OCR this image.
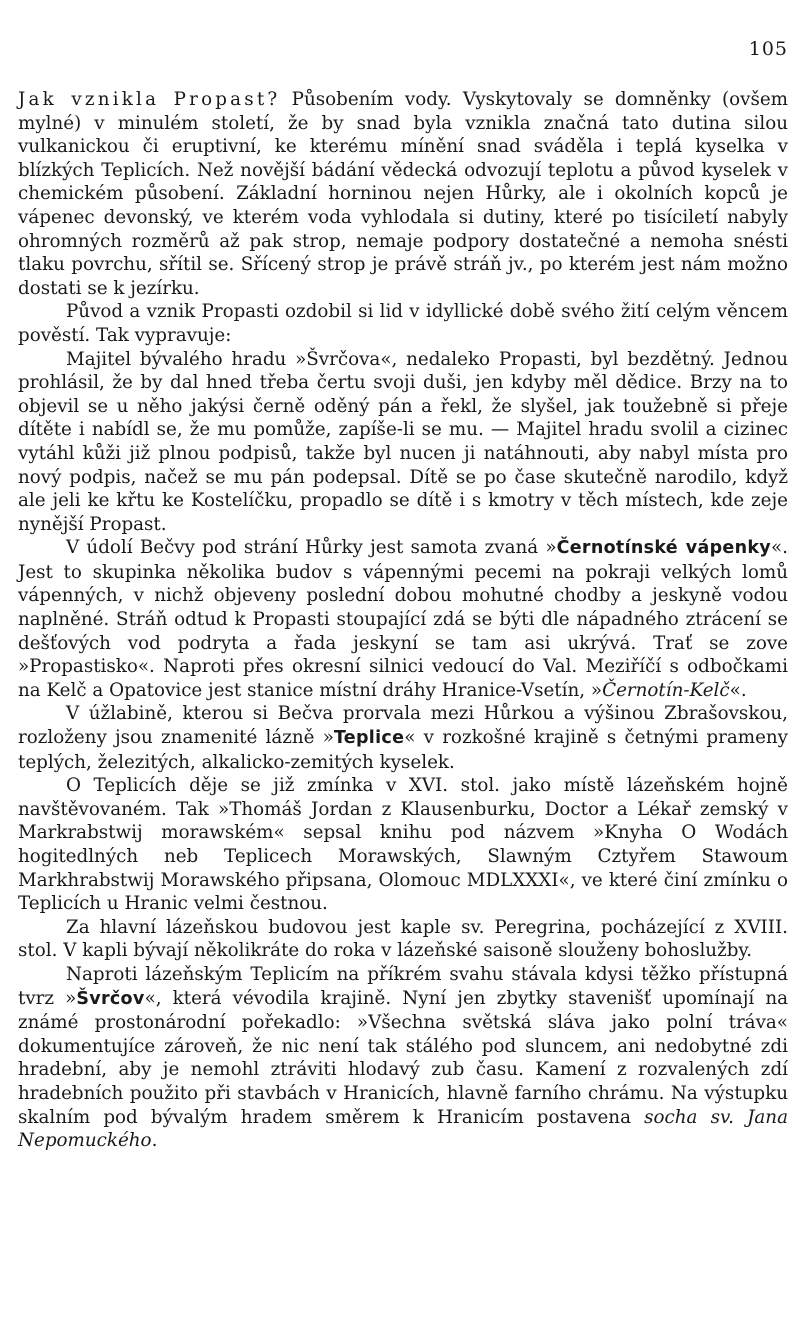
105

Jak vznikla Propast? Působením vody. Vyskytovaly se domněnky (ovšem mylné) v minulém století, že by snad byla vznikla značná tato dutina silou vulkanickou či eruptivní, ke kterému mínění snad sváděla i teplá kyselka v blízkých Teplicích. Než novější bádání vědecká odvozují teplotu a původ kyselek v chemickém působení. Základní horninou nejen Hůrky, ale i okolních kopců je vápenec devonský, ve kterém voda vyhlodala si dutiny, které po tisíciletí nabyly ohromných rozměrů až pak strop, nemaje podpory dostatečné a nemoha snésti tlaku povrchu, sřítil se. Sřícený strop je právě stráň jv., po kterém jest nám možno dostati se k jezírku.

Původ a vznik Propasti ozdobil si lid v idyllické době svého žití celým věncem pověstí. Tak vypravuje:

Majitel bývalého hradu »Švrčova«, nedaleko Propasti, byl bezdětný. Jednou prohlásil, že by dal hned třeba čertu svoji duši, jen kdyby měl dědice. Brzy na to objevil se u něho jakýsi černě oděný pán a řekl, že slyšel, jak toužebně si přeje dítěte i nabídl se, že mu pomůže, zapíše-li se mu. — Majitel hradu svolil a cizinec vytáhl kůži již plnou podpisů, takže byl nucen ji natáhnouti, aby nabyl místa pro nový podpis, načež se mu pán podepsal. Dítě se po čase skutečně narodilo, když ale jeli ke křtu ke Kostelíčku, propadlo se dítě i s kmotry v těch místech, kde zeje nynější Propast.

V údolí Bečvy pod strání Hůrky jest samota zvaná »Černotínské vápenky«. Jest to skupinka několika budov s vápennými pecemi na pokraji velkých lomů vápenných, v nichž objeveny poslední dobou mohutné chodby a jeskyně vodou naplněné. Stráň odtud k Propasti stoupající zdá se býti dle nápadného ztrácení se dešťových vod podryta a řada jeskyní se tam asi ukrývá. Trať se zove »Propastisko«. Naproti přes okresní silnici vedoucí do Val. Meziříčí s odbočkami na Kelč a Opatovice jest stanice místní dráhy Hranice-Vsetín, »Černotín-Kelč«.

V úžlabině, kterou si Bečva prorvala mezi Hůrkou a výšinou Zbrašovskou, rozloženy jsou znamenité lázně »Teplice« v rozkošné krajině s četnými prameny teplých, železitých, alkalicko-zemitých kyselek.

O Teplicích děje se již zmínka v XVI. stol. jako místě lázeňském hojně navštěvovaném. Tak »Thomáš Jordan z Klausenburku, Doctor a Lékař zemský v Markrabstwij morawském« sepsal knihu pod názvem »Knyha O Wodách hogitedlných neb Teplicech Morawských, Slawným Cztyřem Stawoum Markhrabstwij Morawského připsana, Olomouc MDLXXXI«, ve které činí zmínku o Teplicích u Hranic velmi čestnou.

Za hlavní lázeňskou budovou jest kaple sv. Peregrina, pocházející z XVIII. stol. V kapli bývají několikráte do roka v lázeňské saisoně slouženy bohoslužby.

Naproti lázeňským Teplicím na příkrém svahu stávala kdysi těžko přístupná tvrz »Švrčov«, která vévodila krajině. Nyní jen zbytky stavenišť upomínají na známé prostonárodní pořekadlo: »Všechna světská sláva jako polní tráva« dokumentujíce zároveň, že nic není tak stálého pod sluncem, ani nedobytné zdi hradební, aby je nemohl ztráviti hlodavý zub času. Kamení z rozvalených zdí hradebních použito při stavbách v Hranicích, hlavně farního chrámu. Na výstupku skalním pod bývalým hradem směrem k Hranicím postavena socha sv. Jana Nepomuckého.
